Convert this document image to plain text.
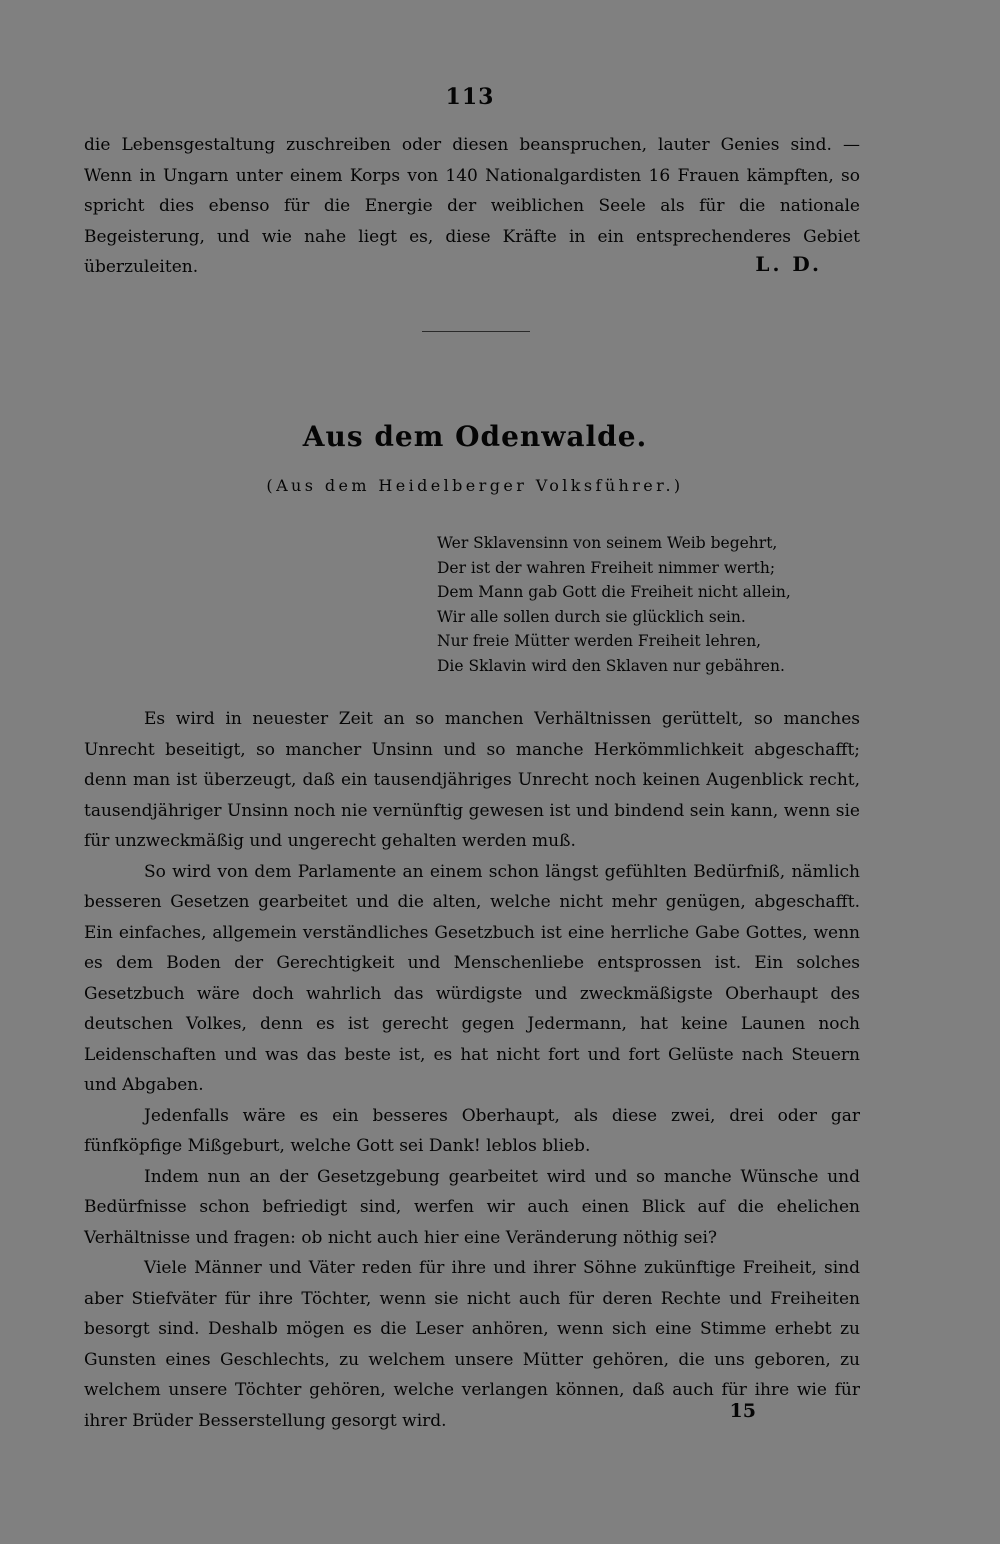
113

die Lebensgestaltung zuschreiben oder diesen beanspruchen, lauter Genies sind. — Wenn in Ungarn unter einem Korps von 140 Nationalgardisten 16 Frauen kämpften, so spricht dies ebenso für die Energie der weiblichen Seele als für die nationale Begeisterung, und wie nahe liegt es, diese Kräfte in ein entsprechenderes Gebiet überzuleiten.	L. D.
Aus dem Odenwalde.
(Aus dem Heidelberger Volksführer.)
Wer Sklavensinn von seinem Weib begehrt,
Der ist der wahren Freiheit nimmer werth;
Dem Mann gab Gott die Freiheit nicht allein,
Wir alle sollen durch sie glücklich sein.
Nur freie Mütter werden Freiheit lehren,
Die Sklavin wird den Sklaven nur gebähren.

Es wird in neuester Zeit an so manchen Verhältnissen gerüttelt, so manches Unrecht beseitigt, so mancher Unsinn und so manche Herkömmlichkeit abgeschafft; denn man ist überzeugt, daß ein tausendjähriges Unrecht noch keinen Augenblick recht, tausendjähriger Unsinn noch nie vernünftig gewesen ist und bindend sein kann, wenn sie für unzweckmäßig und ungerecht gehalten werden muß.

So wird von dem Parlamente an einem schon längst gefühlten Bedürfniß, nämlich besseren Gesetzen gearbeitet und die alten, welche nicht mehr genügen, abgeschafft. Ein einfaches, allgemein verständliches Gesetzbuch ist eine herrliche Gabe Gottes, wenn es dem Boden der Gerechtigkeit und Menschenliebe entsprossen ist. Ein solches Gesetzbuch wäre doch wahrlich das würdigste und zweckmäßigste Oberhaupt des deutschen Volkes, denn es ist gerecht gegen Jedermann, hat keine Launen noch Leidenschaften und was das beste ist, es hat nicht fort und fort Gelüste nach Steuern und Abgaben.

Jedenfalls wäre es ein besseres Oberhaupt, als diese zwei, drei oder gar fünfköpfige Mißgeburt, welche Gott sei Dank! leblos blieb.

Indem nun an der Gesetzgebung gearbeitet wird und so manche Wünsche und Bedürfnisse schon befriedigt sind, werfen wir auch einen Blick auf die ehelichen Verhältnisse und fragen: ob nicht auch hier eine Veränderung nöthig sei?

Viele Männer und Väter reden für ihre und ihrer Söhne zukünftige Freiheit, sind aber Stiefväter für ihre Töchter, wenn sie nicht auch für deren Rechte und Freiheiten besorgt sind. Deshalb mögen es die Leser anhören, wenn sich eine Stimme erhebt zu Gunsten eines Geschlechts, zu welchem unsere Mütter gehören, die uns geboren, zu welchem unsere Töchter gehören, welche verlangen können, daß auch für ihre wie für ihrer Brüder Besserstellung gesorgt wird.	15
